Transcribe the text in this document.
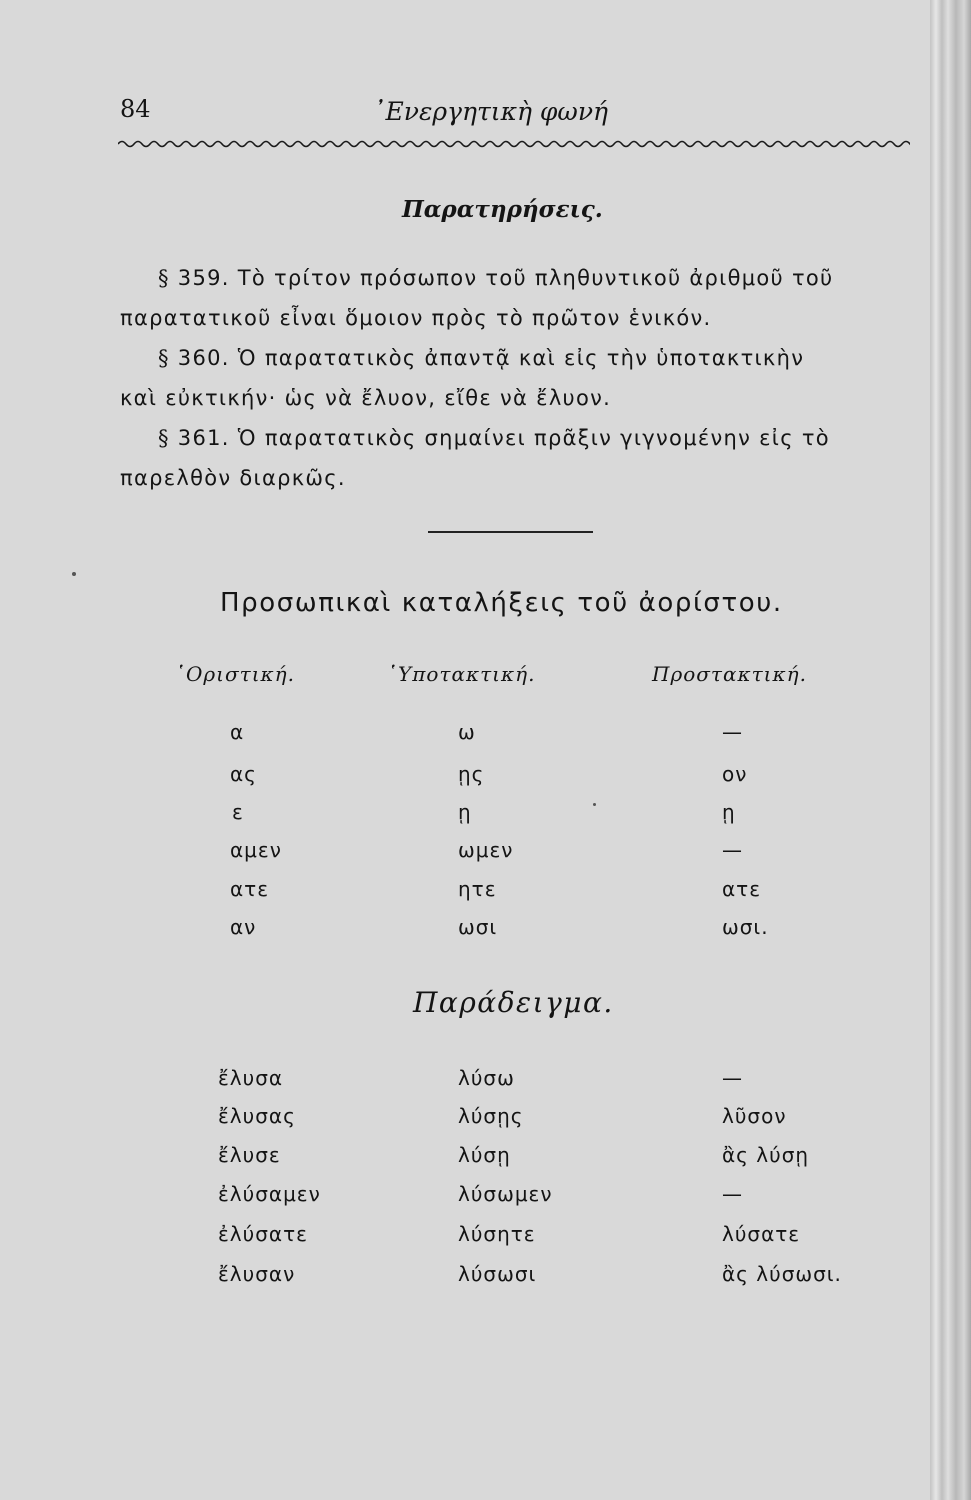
84	᾿Ενεργητικὴ φωνή
Παρατηρήσεις.
§ 359. Τὸ τρίτον πρόσωπον τοῦ πληθυντικοῦ ἀριθμοῦ τοῦ
παρατατικοῦ εἶναι ὅμοιον πρὸς τὸ πρῶτον ἑνικόν.
§ 360. Ὁ παρατατικὸς ἀπαντᾷ καὶ εἰς τὴν ὑποτακτικὴν
καὶ εὐκτικήν· ὡς νὰ ἔλυον, εἴθε νὰ ἔλυον.
§ 361. Ὁ παρατατικὸς σημαίνει πρᾶξιν γιγνομένην εἰς τὸ
παρελθὸν διαρκῶς.
Προσωπικαὶ καταλήξεις τοῦ ἀορίστου.
῾Οριστική.	῾Υποτακτική.	Προστακτική.
α	ω	—
ας	ῃς	ον
ε	ῃ	ῃ
αμεν	ωμεν	—
ατε	ητε	ατε
αν	ωσι	ωσι.
Παράδειγμα.
ἔλυσα	λύσω	—
ἔλυσας	λύσῃς	λῦσον
ἔλυσε	λύσῃ	ἂς λύσῃ
ἐλύσαμεν	λύσωμεν	—
ἐλύσατε	λύσητε	λύσατε
ἔλυσαν	λύσωσι	ἂς λύσωσι.
